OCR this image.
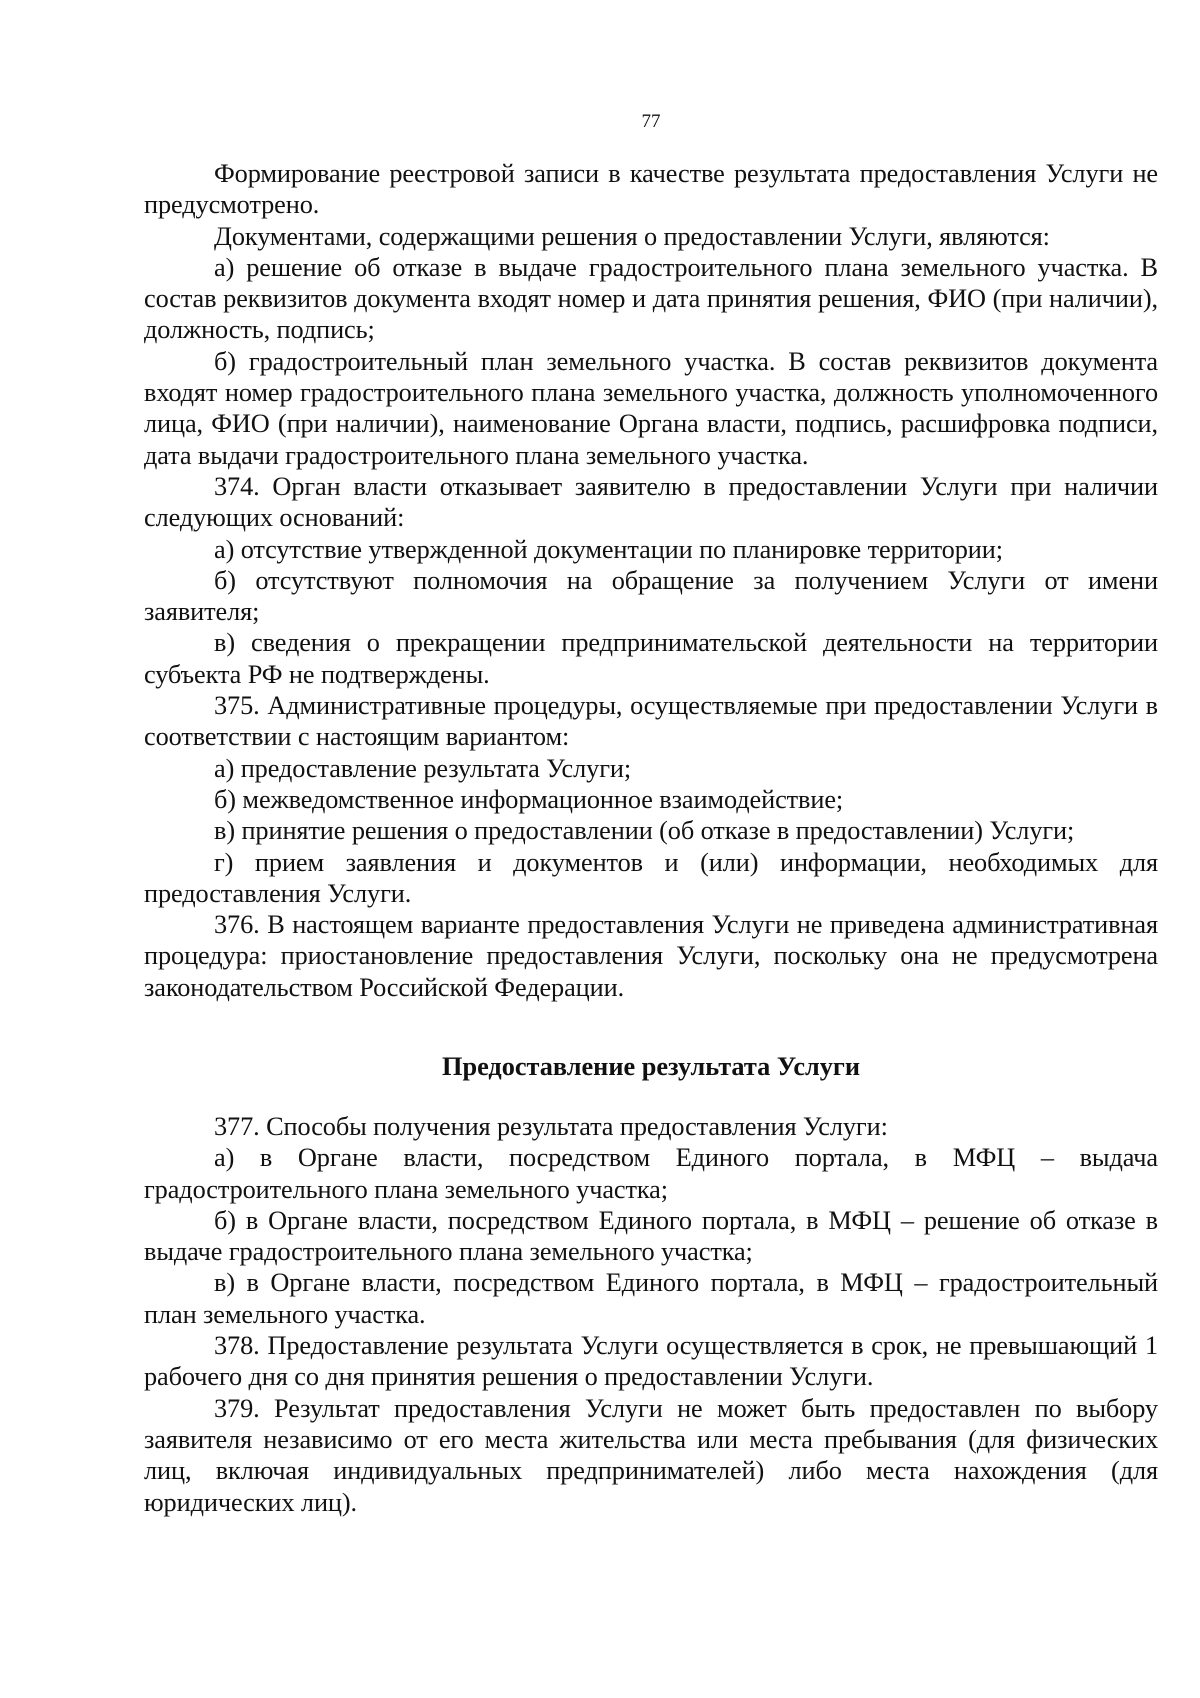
77

Формирование реестровой записи в качестве результата предоставления Услуги не предусмотрено.

Документами, содержащими решения о предоставлении Услуги, являются:

а) решение об отказе в выдаче градостроительного плана земельного участка. В состав реквизитов документа входят номер и дата принятия решения, ФИО (при наличии), должность, подпись;

б) градостроительный план земельного участка. В состав реквизитов документа входят номер градостроительного плана земельного участка, должность уполномоченного лица, ФИО (при наличии), наименование Органа власти, подпись, расшифровка подписи, дата выдачи градостроительного плана земельного участка.

374. Орган власти отказывает заявителю в предоставлении Услуги при наличии следующих оснований:

а) отсутствие утвержденной документации по планировке территории;

б) отсутствуют полномочия на обращение за получением Услуги от имени заявителя;

в) сведения о прекращении предпринимательской деятельности на территории субъекта РФ не подтверждены.

375. Административные процедуры, осуществляемые при предоставлении Услуги в соответствии с настоящим вариантом:

а) предоставление результата Услуги;

б) межведомственное информационное взаимодействие;

в) принятие решения о предоставлении (об отказе в предоставлении) Услуги;

г) прием заявления и документов и (или) информации, необходимых для предоставления Услуги.

376. В настоящем варианте предоставления Услуги не приведена административная процедура: приостановление предоставления Услуги, поскольку она не предусмотрена законодательством Российской Федерации.

Предоставление результата Услуги

377. Способы получения результата предоставления Услуги:

а) в Органе власти, посредством Единого портала, в МФЦ – выдача градостроительного плана земельного участка;

б) в Органе власти, посредством Единого портала, в МФЦ – решение об отказе в выдаче градостроительного плана земельного участка;

в) в Органе власти, посредством Единого портала, в МФЦ – градостроительный план земельного участка.

378. Предоставление результата Услуги осуществляется в срок, не превышающий 1 рабочего дня со дня принятия решения о предоставлении Услуги.

379. Результат предоставления Услуги не может быть предоставлен по выбору заявителя независимо от его места жительства или места пребывания (для физических лиц, включая индивидуальных предпринимателей) либо места нахождения (для юридических лиц).
